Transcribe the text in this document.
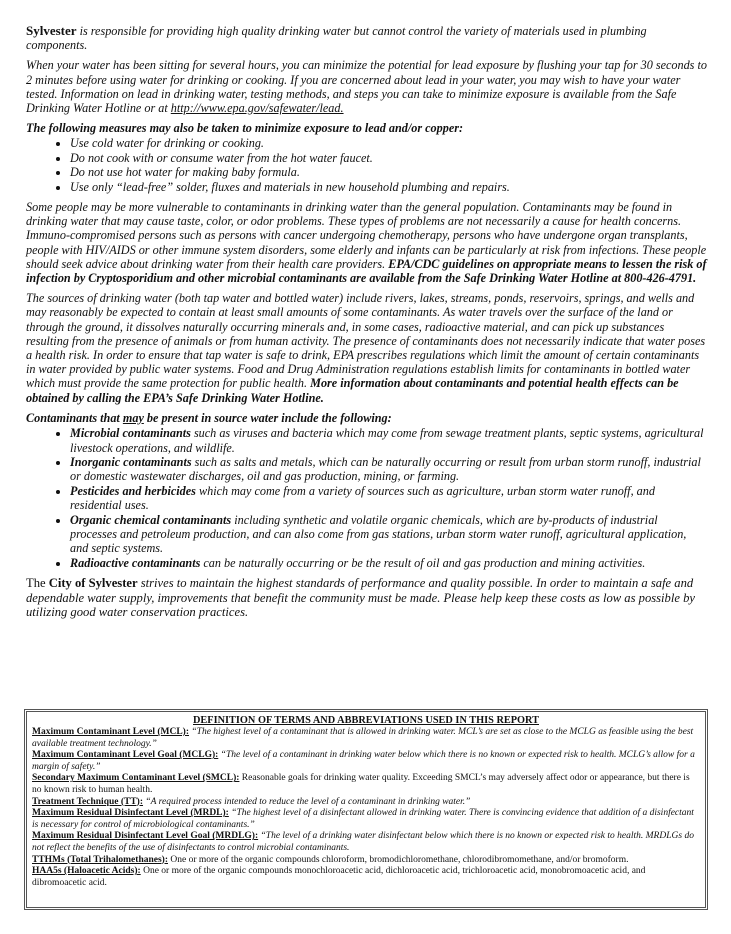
Sylvester is responsible for providing high quality drinking water but cannot control the variety of materials used in plumbing components.

When your water has been sitting for several hours, you can minimize the potential for lead exposure by flushing your tap for 30 seconds to 2 minutes before using water for drinking or cooking. If you are concerned about lead in your water, you may wish to have your water tested. Information on lead in drinking water, testing methods, and steps you can take to minimize exposure is available from the Safe Drinking Water Hotline or at http://www.epa.gov/safewater/lead.

The following measures may also be taken to minimize exposure to lead and/or copper:

• Use cold water for drinking or cooking.
• Do not cook with or consume water from the hot water faucet.
• Do not use hot water for making baby formula.
• Use only “lead-free” solder, fluxes and materials in new household plumbing and repairs.

Some people may be more vulnerable to contaminants in drinking water than the general population. Contaminants may be found in drinking water that may cause taste, color, or odor problems. These types of problems are not necessarily a cause for health concerns. Immuno-compromised persons such as persons with cancer undergoing chemotherapy, persons who have undergone organ transplants, people with HIV/AIDS or other immune system disorders, some elderly and infants can be particularly at risk from infections. These people should seek advice about drinking water from their health care providers. EPA/CDC guidelines on appropriate means to lessen the risk of infection by Cryptosporidium and other microbial contaminants are available from the Safe Drinking Water Hotline at 800-426-4791.

The sources of drinking water (both tap water and bottled water) include rivers, lakes, streams, ponds, reservoirs, springs, and wells and may reasonably be expected to contain at least small amounts of some contaminants. As water travels over the surface of the land or through the ground, it dissolves naturally occurring minerals and, in some cases, radioactive material, and can pick up substances resulting from the presence of animals or from human activity. The presence of contaminants does not necessarily indicate that water poses a health risk. In order to ensure that tap water is safe to drink, EPA prescribes regulations which limit the amount of certain contaminants in water provided by public water systems. Food and Drug Administration regulations establish limits for contaminants in bottled water which must provide the same protection for public health. More information about contaminants and potential health effects can be obtained by calling the EPA’s Safe Drinking Water Hotline.

Contaminants that may be present in source water include the following:

• Microbial contaminants such as viruses and bacteria which may come from sewage treatment plants, septic systems, agricultural livestock operations, and wildlife.
• Inorganic contaminants such as salts and metals, which can be naturally occurring or result from urban storm runoff, industrial or domestic wastewater discharges, oil and gas production, mining, or farming.
• Pesticides and herbicides which may come from a variety of sources such as agriculture, urban storm water runoff, and residential uses.
• Organic chemical contaminants including synthetic and volatile organic chemicals, which are by-products of industrial processes and petroleum production, and can also come from gas stations, urban storm water runoff, agricultural application, and septic systems.
• Radioactive contaminants can be naturally occurring or be the result of oil and gas production and mining activities.

The City of Sylvester strives to maintain the highest standards of performance and quality possible. In order to maintain a safe and dependable water supply, improvements that benefit the community must be made. Please help keep these costs as low as possible by utilizing good water conservation practices.

DEFINITION OF TERMS AND ABBREVIATIONS USED IN THIS REPORT

Maximum Contaminant Level (MCL): “The highest level of a contaminant that is allowed in drinking water. MCL’s are set as close to the MCLG as feasible using the best available treatment technology.”

Maximum Contaminant Level Goal (MCLG): “The level of a contaminant in drinking water below which there is no known or expected risk to health. MCLG’s allow for a margin of safety.”

Secondary Maximum Contaminant Level (SMCL): Reasonable goals for drinking water quality. Exceeding SMCL’s may adversely affect odor or appearance, but there is no known risk to human health.

Treatment Technique (TT): “A required process intended to reduce the level of a contaminant in drinking water.”

Maximum Residual Disinfectant Level (MRDL): “The highest level of a disinfectant allowed in drinking water. There is convincing evidence that addition of a disinfectant is necessary for control of microbiological contaminants.”

Maximum Residual Disinfectant Level Goal (MRDLG): “The level of a drinking water disinfectant below which there is no known or expected risk to health. MRDLGs do not reflect the benefits of the use of disinfectants to control microbial contaminants.

TTHMs (Total Trihalomethanes): One or more of the organic compounds chloroform, bromodichloromethane, chlorodibromomethane, and/or bromoform.

HAA5s (Haloacetic Acids): One or more of the organic compounds monochloroacetic acid, dichloroacetic acid, trichloroacetic acid, monobromoacetic acid, and dibromoacetic acid.
